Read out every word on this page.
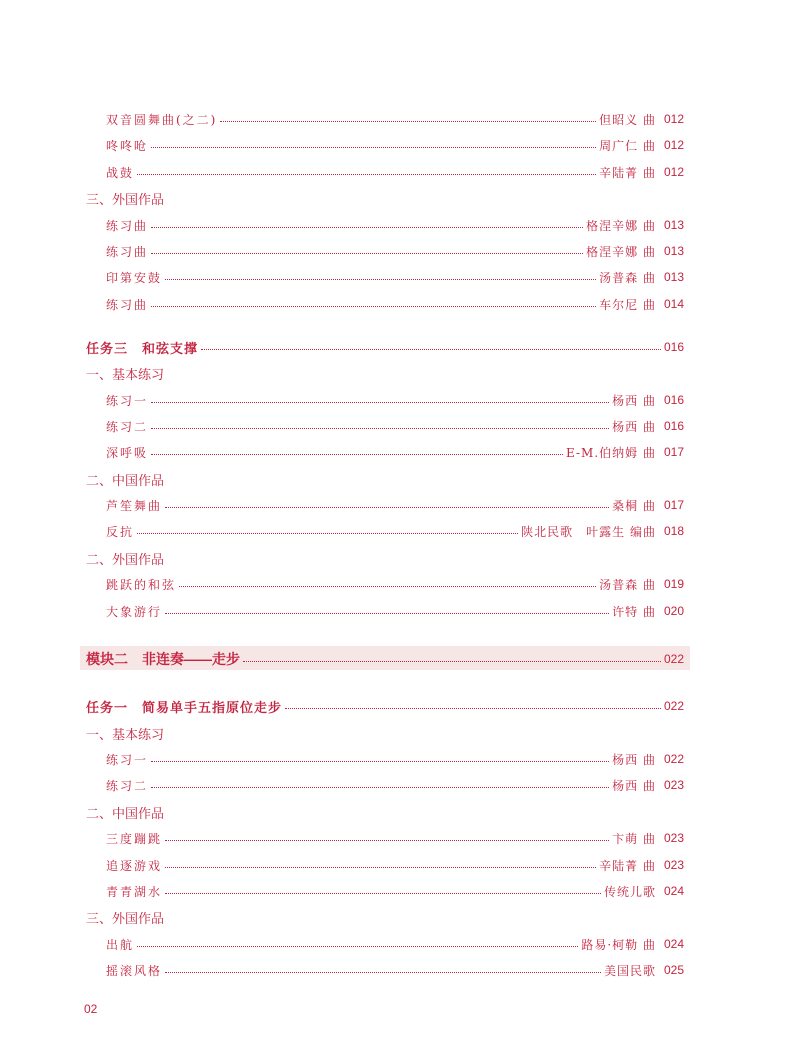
双音圆舞曲(之二)	但昭义 曲 012
咚咚呛	周广仁 曲 012
战鼓	辛陆菁 曲 012
三、外国作品
练习曲	格涅辛娜 曲 013
练习曲	格涅辛娜 曲 013
印第安鼓	汤普森 曲 013
练习曲	车尔尼 曲 014
任务三　和弦支撑	016
一、基本练习
练习一	杨西 曲 016
练习二	杨西 曲 016
深呼吸	E-M.伯纳姆 曲 017
二、中国作品
芦笙舞曲	桑桐 曲 017
反抗	陕北民歌　叶露生 编曲 018
二、外国作品
跳跃的和弦	汤普森 曲 019
大象游行	许特 曲 020
模块二　非连奏——走步	022
任务一　简易单手五指原位走步	022
一、基本练习
练习一	杨西 曲 022
练习二	杨西 曲 023
二、中国作品
三度蹦跳	卞萌 曲 023
追逐游戏	辛陆菁 曲 023
青青湖水	传统儿歌 024
三、外国作品
出航	路易·柯勒 曲 024
摇滚风格	美国民歌 025
02
